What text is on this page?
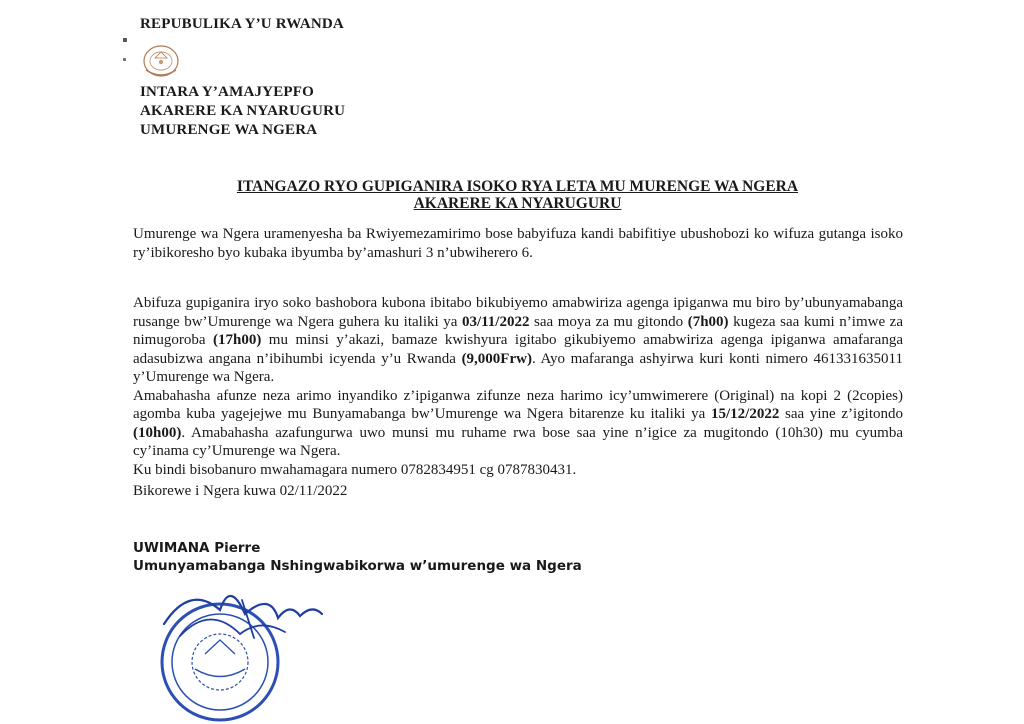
REPUBULIKA Y’U RWANDA
INTARA Y’AMAJYEPFO
AKARERE KA NYARUGURU
UMURENGE WA NGERA
ITANGAZO RYO GUPIGANIRA ISOKO RYA LETA MU MURENGE WA NGERA
AKARERE KA NYARUGURU

Umurenge wa Ngera uramenyesha ba Rwiyemezamirimo bose babyifuza kandi babifitiye ubushobozi ko wifuza gutanga isoko ry’ibikoresho byo kubaka ibyumba by’amashuri 3 n’ubwiherero 6.

Abifuza gupiganira iryo soko bashobora kubona ibitabo bikubiyemo amabwiriza agenga ipiganwa mu biro by’ubunyamabanga rusange bw’Umurenge wa Ngera guhera ku italiki ya 03/11/2022 saa moya za mu gitondo (7h00) kugeza saa kumi n’imwe za nimugoroba (17h00) mu minsi y’akazi, bamaze kwishyura igitabo gikubiyemo amabwiriza agenga ipiganwa amafaranga adasubizwa angana n’ibihumbi icyenda y’u Rwanda (9,000Frw). Ayo mafaranga ashyirwa kuri konti nimero 461331635011 y’Umurenge wa Ngera.
Amabahasha afunze neza arimo inyandiko z’ipiganwa zifunze neza harimo icy’umwimerere (Original) na kopi 2 (2copies) agomba kuba yagejejwe mu Bunyamabanga bw’Umurenge wa Ngera bitarenze ku italiki ya 15/12/2022 saa yine z’igitondo (10h00). Amabahasha azafungurwa uwo munsi mu ruhame rwa bose saa yine n’igice za mugitondo (10h30) mu cyumba cy’inama cy’Umurenge wa Ngera.

Ku bindi bisobanuro mwahamagara numero 0782834951 cg 0787830431.

Bikorewe i Ngera kuwa 02/11/2022

UWIMANA Pierre
Umunyamabanga Nshingwabikorwa w’umurenge wa Ngera
